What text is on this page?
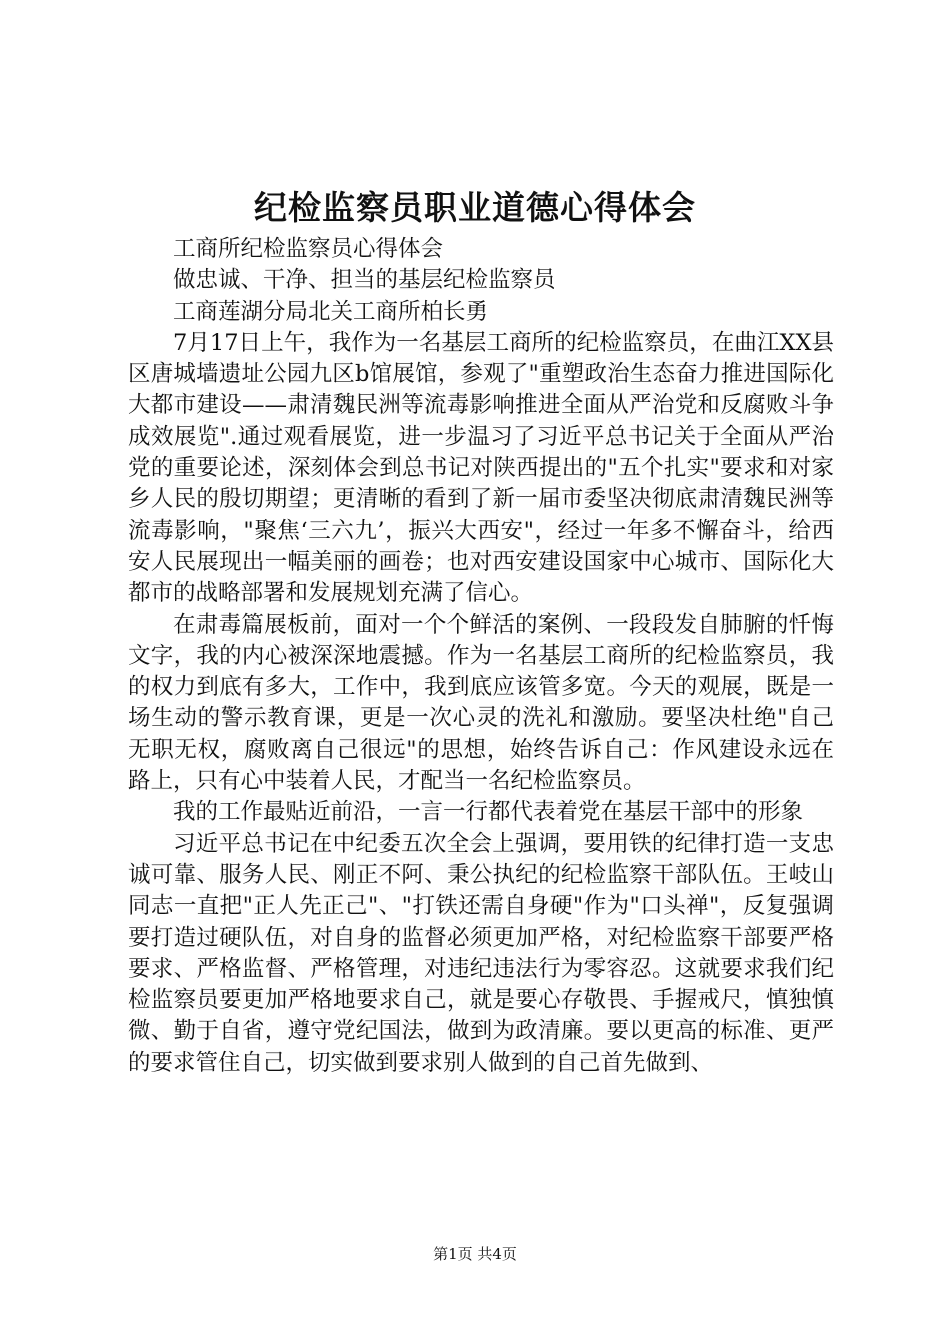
纪检监察员职业道德心得体会

工商所纪检监察员心得体会

做忠诚、干净、担当的基层纪检监察员

工商莲湖分局北关工商所柏长勇

7月17日上午，我作为一名基层工商所的纪检监察员，在曲江XX县区唐城墙遗址公园九区b馆展馆，参观了"重塑政治生态奋力推进国际化大都市建设——肃清魏民洲等流毒影响推进全面从严治党和反腐败斗争成效展览".通过观看展览，进一步温习了习近平总书记关于全面从严治党的重要论述，深刻体会到总书记对陕西提出的"五个扎实"要求和对家乡人民的殷切期望；更清晰的看到了新一届市委坚决彻底肃清魏民洲等流毒影响，"聚焦‘三六九’，振兴大西安"，经过一年多不懈奋斗，给西安人民展现出一幅美丽的画卷；也对西安建设国家中心城市、国际化大都市的战略部署和发展规划充满了信心。

在肃毒篇展板前，面对一个个鲜活的案例、一段段发自肺腑的忏悔文字，我的内心被深深地震撼。作为一名基层工商所的纪检监察员，我的权力到底有多大，工作中，我到底应该管多宽。今天的观展，既是一场生动的警示教育课，更是一次心灵的洗礼和激励。要坚决杜绝"自己无职无权，腐败离自己很远"的思想，始终告诉自己：作风建设永远在路上，只有心中装着人民，才配当一名纪检监察员。

我的工作最贴近前沿，一言一行都代表着党在基层干部中的形象

习近平总书记在中纪委五次全会上强调，要用铁的纪律打造一支忠诚可靠、服务人民、刚正不阿、秉公执纪的纪检监察干部队伍。王岐山同志一直把"正人先正己"、"打铁还需自身硬"作为"口头禅"，反复强调要打造过硬队伍，对自身的监督必须更加严格，对纪检监察干部要严格要求、严格监督、严格管理，对违纪违法行为零容忍。这就要求我们纪检监察员要更加严格地要求自己，就是要心存敬畏、手握戒尺，慎独慎微、勤于自省，遵守党纪国法，做到为政清廉。要以更高的标准、更严的要求管住自己，切实做到要求别人做到的自己首先做到、

第1页 共4页
